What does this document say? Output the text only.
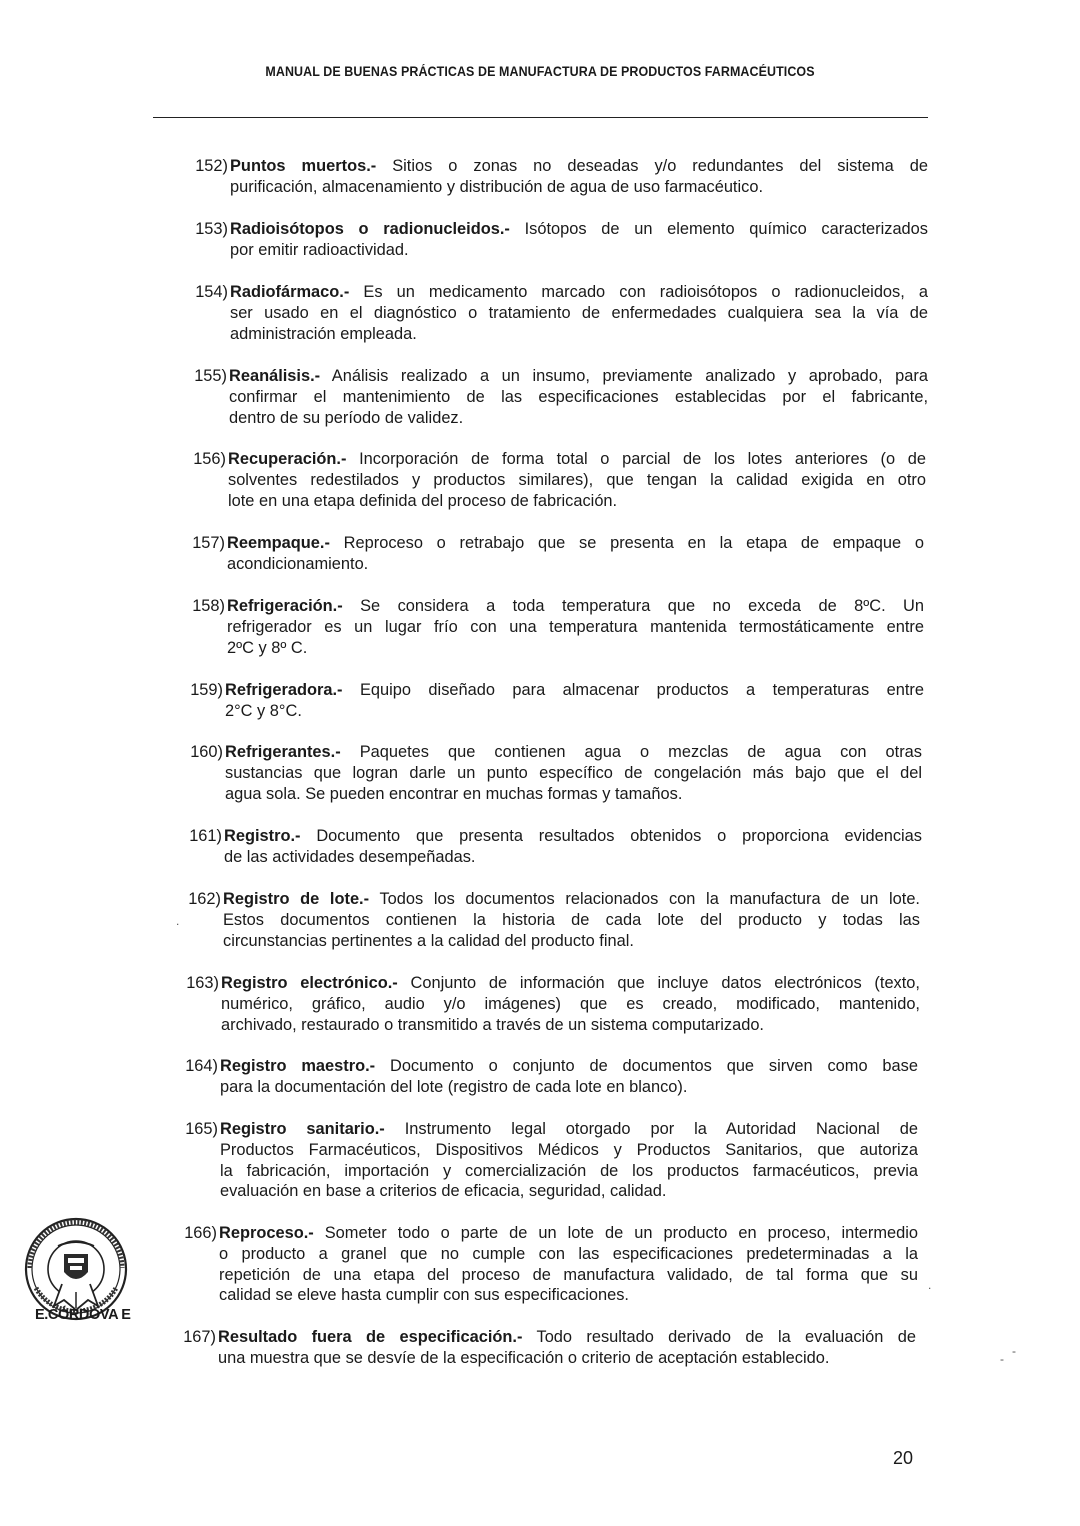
MANUAL DE BUENAS PRÁCTICAS DE MANUFACTURA DE PRODUCTOS FARMACÉUTICOS
152) Puntos muertos.- Sitios o zonas no deseadas y/o redundantes del sistema de
purificación, almacenamiento y distribución de agua de uso farmacéutico.
153) Radioisótopos o radionucleidos.- Isótopos de un elemento químico caracterizados
por emitir radioactividad.
154) Radiofármaco.- Es un medicamento marcado con radioisótopos o radionucleidos, a
ser usado en el diagnóstico o tratamiento de enfermedades cualquiera sea la vía de
administración empleada.
155) Reanálisis.- Análisis realizado a un insumo, previamente analizado y aprobado, para
confirmar el mantenimiento de las especificaciones establecidas por el fabricante,
dentro de su período de validez.
156) Recuperación.- Incorporación de forma total o parcial de los lotes anteriores (o de
solventes redestilados y productos similares), que tengan la calidad exigida en otro
lote en una etapa definida del proceso de fabricación.
157) Reempaque.- Reproceso o retrabajo que se presenta en la etapa de empaque o
acondicionamiento.
158) Refrigeración.- Se considera a toda temperatura que no exceda de 8ºC. Un
refrigerador es un lugar frío con una temperatura mantenida termostáticamente entre
2ºC y 8º C.
159) Refrigeradora.- Equipo diseñado para almacenar productos a temperaturas entre
2°C y 8°C.
160) Refrigerantes.- Paquetes que contienen agua o mezclas de agua con otras
sustancias que logran darle un punto específico de congelación más bajo que el del
agua sola. Se pueden encontrar en muchas formas y tamaños.
161) Registro.- Documento que presenta resultados obtenidos o proporciona evidencias
de las actividades desempeñadas.
162) Registro de lote.- Todos los documentos relacionados con la manufactura de un lote.
Estos documentos contienen la historia de cada lote del producto y todas las
circunstancias pertinentes a la calidad del producto final.
163) Registro electrónico.- Conjunto de información que incluye datos electrónicos (texto,
numérico, gráfico, audio y/o imágenes) que es creado, modificado, mantenido,
archivado, restaurado o transmitido a través de un sistema computarizado.
164) Registro maestro.- Documento o conjunto de documentos que sirven como base
para la documentación del lote (registro de cada lote en blanco).
165) Registro sanitario.- Instrumento legal otorgado por la Autoridad Nacional de
Productos Farmacéuticos, Dispositivos Médicos y Productos Sanitarios, que autoriza
la fabricación, importación y comercialización de los productos farmacéuticos, previa
evaluación en base a criterios de eficacia, seguridad, calidad.
166) Reproceso.- Someter todo o parte de un lote de un producto en proceso, intermedio
o producto a granel que no cumple con las especificaciones predeterminadas a la
repetición de una etapa del proceso de manufactura validado, de tal forma que su
calidad se eleve hasta cumplir con sus especificaciones.
167) Resultado fuera de especificación.- Todo resultado derivado de la evaluación de
una muestra que se desvíe de la especificación o criterio de aceptación establecido.
E.CÓRDOVA E
20
.
.
-
-
